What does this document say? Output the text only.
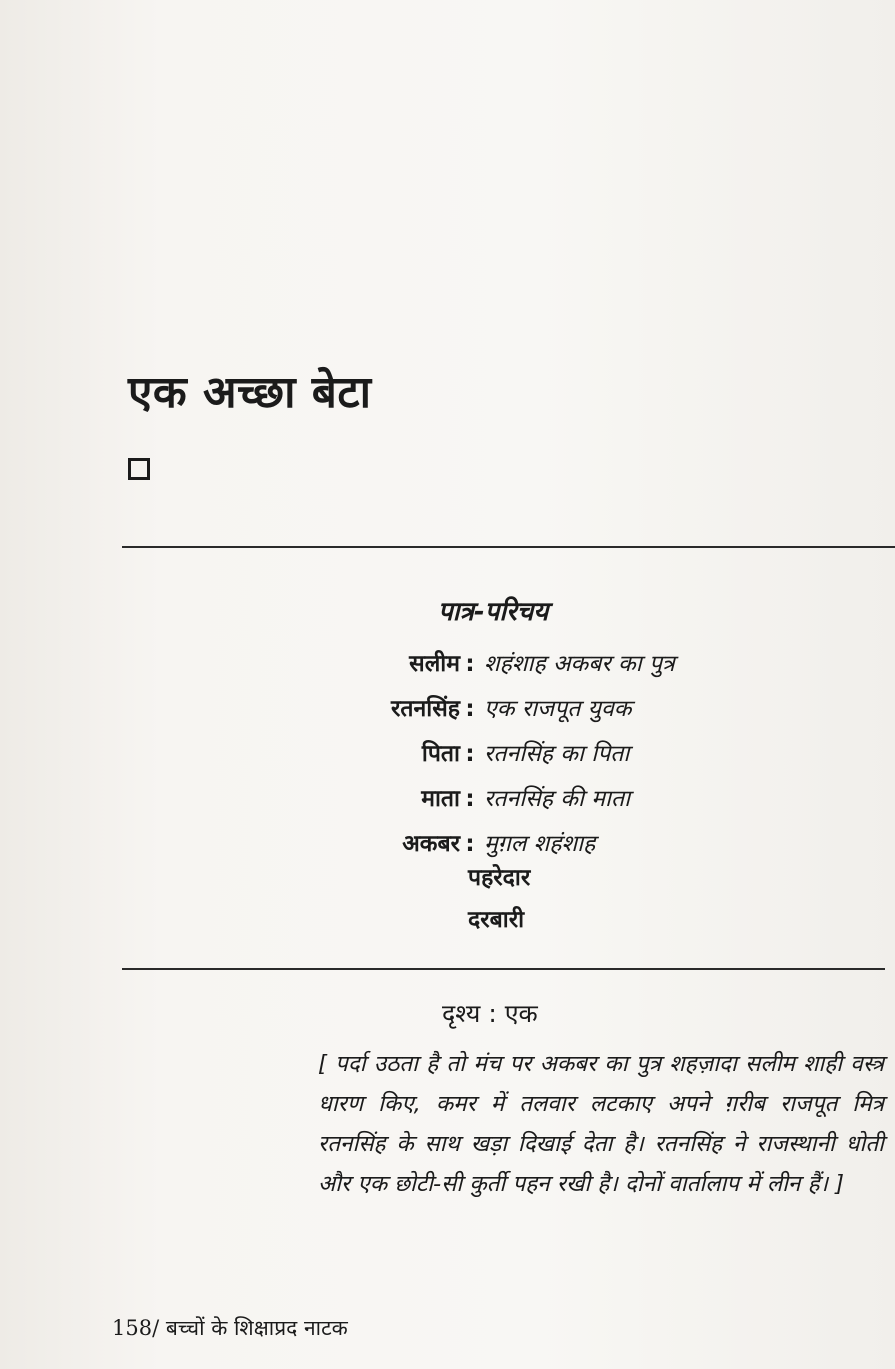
एक अच्छा बेटा
पात्र-परिचय
सलीम : शहंशाह अकबर का पुत्र
रतनसिंह : एक राजपूत युवक
पिता : रतनसिंह का पिता
माता : रतनसिंह की माता
अकबर : मुग़ल शहंशाह
पहरेदार
दरबारी
दृश्य : एक
[ पर्दा उठता है तो मंच पर अकबर का पुत्र शहज़ादा सलीम शाही वस्त्र धारण किए, कमर में तलवार लटकाए अपने ग़रीब राजपूत मित्र रतनसिंह के साथ खड़ा दिखाई देता है। रतनसिंह ने राजस्थानी धोती और एक छोटी-सी कुर्ती पहन रखी है। दोनों वार्तालाप में लीन हैं। ]
158/ बच्चों के शिक्षाप्रद नाटक
